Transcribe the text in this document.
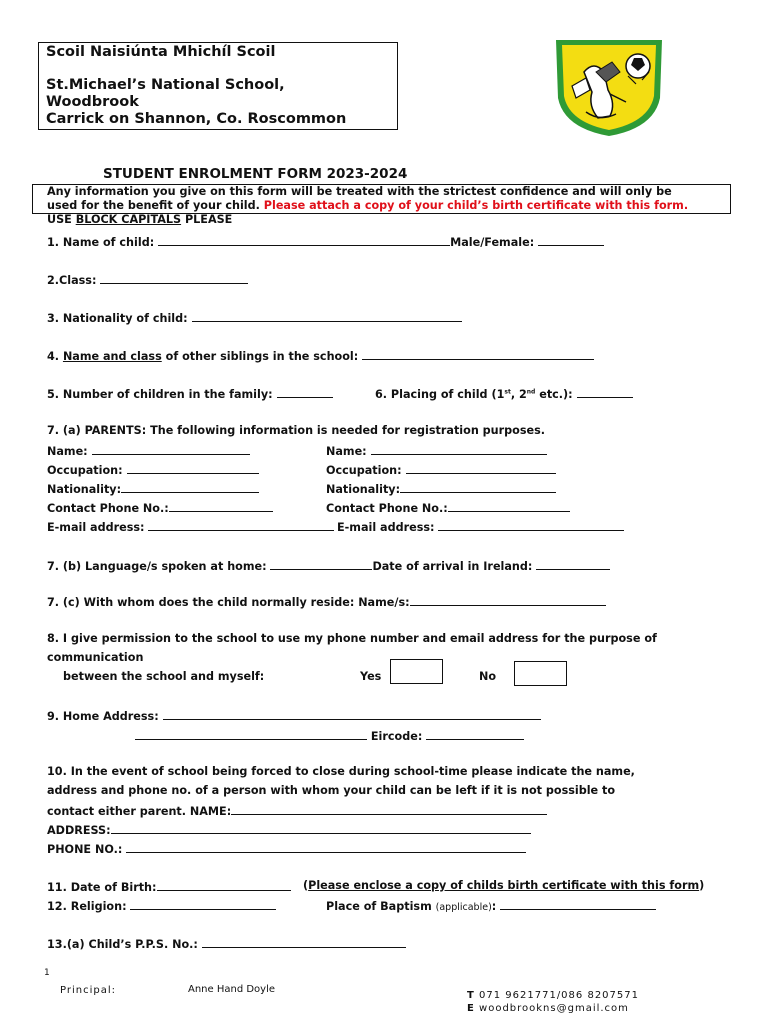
Scoil Naisiúnta Mhichíl Scoil
St.Michael’s National School,
Woodbrook
Carrick on Shannon, Co. Roscommon
STUDENT ENROLMENT FORM 2023-2024
Any information you give on this form will be treated with the strictest confidence and will only be
used for the benefit of your child. Please attach a copy of your child’s birth certificate with this form.
USE BLOCK CAPITALS PLEASE
1. Name of child:	Male/Female:
2.Class:
3. Nationality of child:
4. Name and class of other siblings in the school:
5. Number of children in the family:	6. Placing of child (1st, 2nd etc.):
7. (a) PARENTS: The following information is needed for registration purposes.
Name:	Name:
Occupation:	Occupation:
Nationality:	Nationality:
Contact Phone No.:	Contact Phone No.:
E-mail address:	E-mail address:
7. (b) Language/s spoken at home:	Date of arrival in Ireland:
7. (c) With whom does the child normally reside: Name/s:
8. I give permission to the school to use my phone number and email address for the purpose of
communication
between the school and myself:	Yes	No
9. Home Address:
Eircode:
10. In the event of school being forced to close during school-time please indicate the name,
address and phone no. of a person with whom your child can be left if it is not possible to
contact either parent. NAME:
ADDRESS:
PHONE NO.:
11. Date of Birth:	(Please enclose a copy of childs birth certificate with this form)
12. Religion:	Place of Baptism (applicable):
13.(a) Child’s P.P.S. No.:
1
Principal:	Anne Hand Doyle
T 071 9621771/086 8207571
E woodbrookns@gmail.com
